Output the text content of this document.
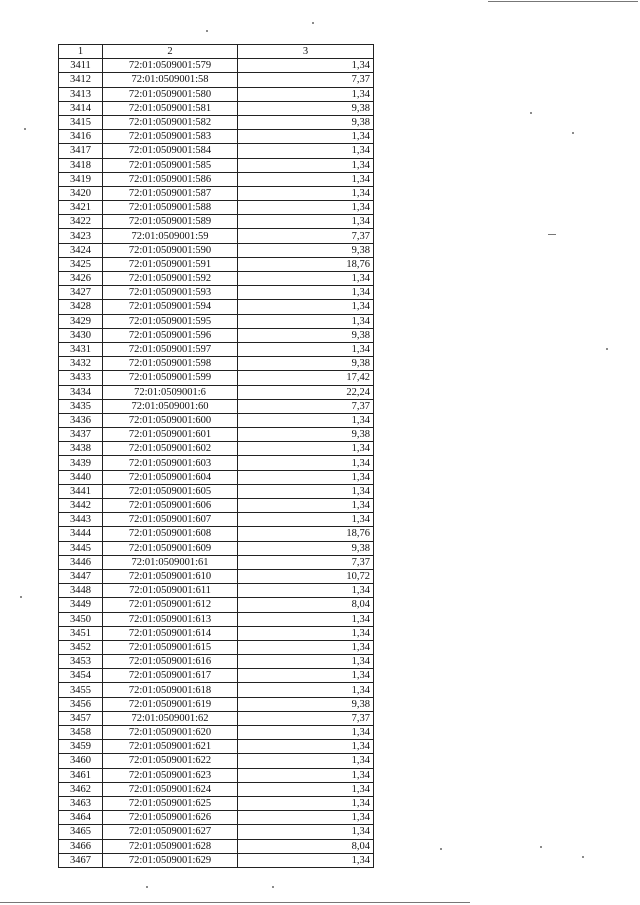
1	2	3
3411	72:01:0509001:579	1,34
3412	72:01:0509001:58	7,37
3413	72:01:0509001:580	1,34
3414	72:01:0509001:581	9,38
3415	72:01:0509001:582	9,38
3416	72:01:0509001:583	1,34
3417	72:01:0509001:584	1,34
3418	72:01:0509001:585	1,34
3419	72:01:0509001:586	1,34
3420	72:01:0509001:587	1,34
3421	72:01:0509001:588	1,34
3422	72:01:0509001:589	1,34
3423	72:01:0509001:59	7,37
3424	72:01:0509001:590	9,38
3425	72:01:0509001:591	18,76
3426	72:01:0509001:592	1,34
3427	72:01:0509001:593	1,34
3428	72:01:0509001:594	1,34
3429	72:01:0509001:595	1,34
3430	72:01:0509001:596	9,38
3431	72:01:0509001:597	1,34
3432	72:01:0509001:598	9,38
3433	72:01:0509001:599	17,42
3434	72:01:0509001:6	22,24
3435	72:01:0509001:60	7,37
3436	72:01:0509001:600	1,34
3437	72:01:0509001:601	9,38
3438	72:01:0509001:602	1,34
3439	72:01:0509001:603	1,34
3440	72:01:0509001:604	1,34
3441	72:01:0509001:605	1,34
3442	72:01:0509001:606	1,34
3443	72:01:0509001:607	1,34
3444	72:01:0509001:608	18,76
3445	72:01:0509001:609	9,38
3446	72:01:0509001:61	7,37
3447	72:01:0509001:610	10,72
3448	72:01:0509001:611	1,34
3449	72:01:0509001:612	8,04
3450	72:01:0509001:613	1,34
3451	72:01:0509001:614	1,34
3452	72:01:0509001:615	1,34
3453	72:01:0509001:616	1,34
3454	72:01:0509001:617	1,34
3455	72:01:0509001:618	1,34
3456	72:01:0509001:619	9,38
3457	72:01:0509001:62	7,37
3458	72:01:0509001:620	1,34
3459	72:01:0509001:621	1,34
3460	72:01:0509001:622	1,34
3461	72:01:0509001:623	1,34
3462	72:01:0509001:624	1,34
3463	72:01:0509001:625	1,34
3464	72:01:0509001:626	1,34
3465	72:01:0509001:627	1,34
3466	72:01:0509001:628	8,04
3467	72:01:0509001:629	1,34
